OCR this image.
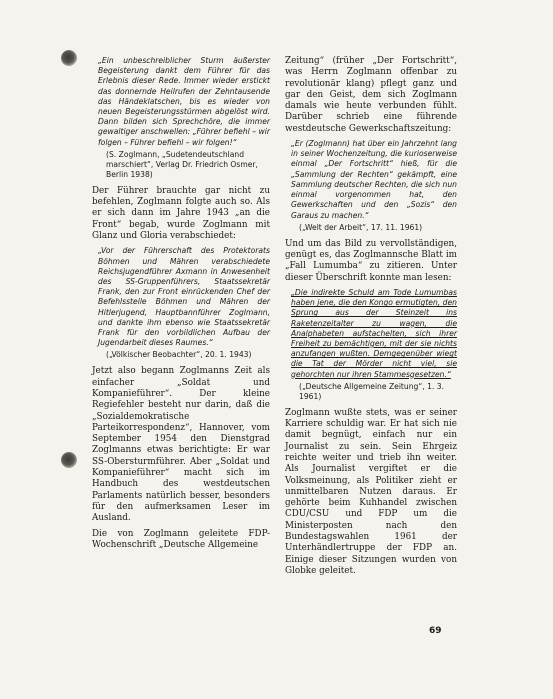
„Ein unbeschreiblicher Sturm äußerster Begeisterung dankt dem Führer für das Erlebnis dieser Rede. Immer wieder erstickt das donnernde Heilrufen der Zehntausende das Händeklatschen, bis es wieder von neuen Begeisterungsstürmen abgelöst wird. Dann bilden sich Sprechchöre, die immer gewaltiger anschwellen: „Führer befiehl – wir folgen – Führer befiehl – wir folgen!“
(S. Zoglmann, „Sudetendeutschland marschiert“, Verlag Dr. Friedrich Osmer, Berlin 1938)

Der Führer brauchte gar nicht zu befehlen, Zoglmann folgte auch so. Als er sich dann im Jahre 1943 „an die Front“ begab, wurde Zoglmann mit Glanz und Gloria verabschiedet:

„Vor der Führerschaft des Protektorats Böhmen und Mähren verabschiedete Reichsjugendführer Axmann in Anwesenheit des SS-Gruppenführers, Staatssekretär Frank, den zur Front einrückenden Chef der Befehlsstelle Böhmen und Mähren der Hitlerjugend, Hauptbannführer Zoglmann, und dankte ihm ebenso wie Staatssekretär Frank für den vorbildlichen Aufbau der Jugendarbeit dieses Raumes.“
(„Völkischer Beobachter“, 20. 1. 1943)

Jetzt also begann Zoglmanns Zeit als einfacher „Soldat und Kompanieführer“. Der kleine Regiefehler besteht nur darin, daß die „Sozialdemokratische Parteikorrespondenz“, Hannover, vom September 1954 den Dienstgrad Zoglmanns etwas berichtigte: Er war SS-Obersturmführer. Aber „Soldat und Kompanieführer“ macht sich im Handbuch des westdeutschen Parlaments natürlich besser, besonders für den aufmerksamen Leser im Ausland.

Die von Zoglmann geleitete FDP-Wochenschrift „Deutsche Allgemeine

Zeitung“ (früher „Der Fortschritt“, was Herrn Zoglmann offenbar zu revolutionär klang) pflegt ganz und gar den Geist, dem sich Zoglmann damals wie heute verbunden fühlt. Darüber schrieb eine führende westdeutsche Gewerkschaftszeitung:

„Er (Zoglmann) hat über ein Jahrzehnt lang in seiner Wochenzeitung, die kurioserweise einmal „Der Fortschritt“ hieß, für die „Sammlung der Rechten“ gekämpft, eine Sammlung deutscher Rechten, die sich nun einmal vorgenommen hat, den Gewerkschaften und den „Sozis“ den Garaus zu machen.“
(„Welt der Arbeit“, 17. 11. 1961)

Und um das Bild zu vervollständigen, genügt es, das Zoglmannsche Blatt im „Fall Lumumba“ zu zitieren. Unter dieser Überschrift konnte man lesen:

„Die indirekte Schuld am Tode Lumumbas haben jene, die den Kongo ermutigten, den Sprung aus der Steinzeit ins Raketenzeitalter zu wagen, die Analphabeten aufstachelten, sich ihrer Freiheit zu bemächtigen, mit der sie nichts anzufangen wußten. Demgegenüber wiegt die Tat der Mörder nicht viel, sie gehorchten nur ihren Stammesgesetzen.“
(„Deutsche Allgemeine Zeitung“, 1. 3. 1961)

Zoglmann wußte stets, was er seiner Karriere schuldig war. Er hat sich nie damit begnügt, einfach nur ein Journalist zu sein. Sein Ehrgeiz reichte weiter und trieb ihn weiter. Als Journalist vergiftet er die Volksmeinung, als Politiker zieht er unmittelbaren Nutzen daraus. Er gehörte beim Kuhhandel zwischen CDU/CSU und FDP um die Ministerposten nach den Bundestagswahlen 1961 der Unterhändlertruppe der FDP an. Einige dieser Sitzungen wurden von Globke geleitet.

69
